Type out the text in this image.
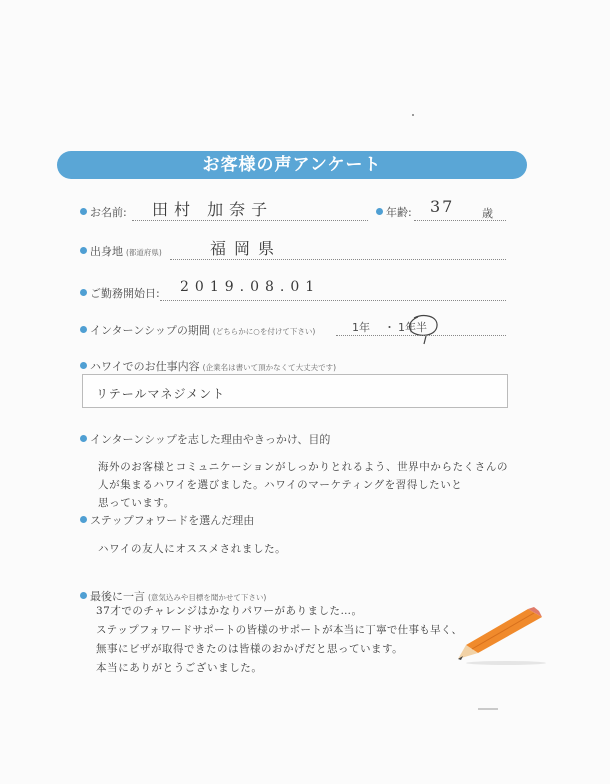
お客様の声アンケート
お名前: 田村 加奈子	年齢: 37	歳
出身地 (都道府県)	福岡県
ご勤務開始日: 2019.08.01
インターンシップの期間 (どちらかに○を付けて下さい)	1年 ・ 1年半
ハワイでのお仕事内容 (企業名は書いて頂かなくて大丈夫です)
リテールマネジメント
インターンシップを志した理由やきっかけ、目的
海外のお客様とコミュニケーションがしっかりとれるよう、世界中からたくさんの
人が集まるハワイを選びました。ハワイのマーケティングを習得したいと
思っています。
ステップフォワードを選んだ理由
ハワイの友人にオススメされました。
最後に一言 (意気込みや目標を聞かせて下さい)
37才でのチャレンジはかなりパワーがありました…。
ステップフォワードサポートの皆様のサポートが本当に丁寧で仕事も早く、
無事にビザが取得できたのは皆様のおかげだと思っています。
本当にありがとうございました。
